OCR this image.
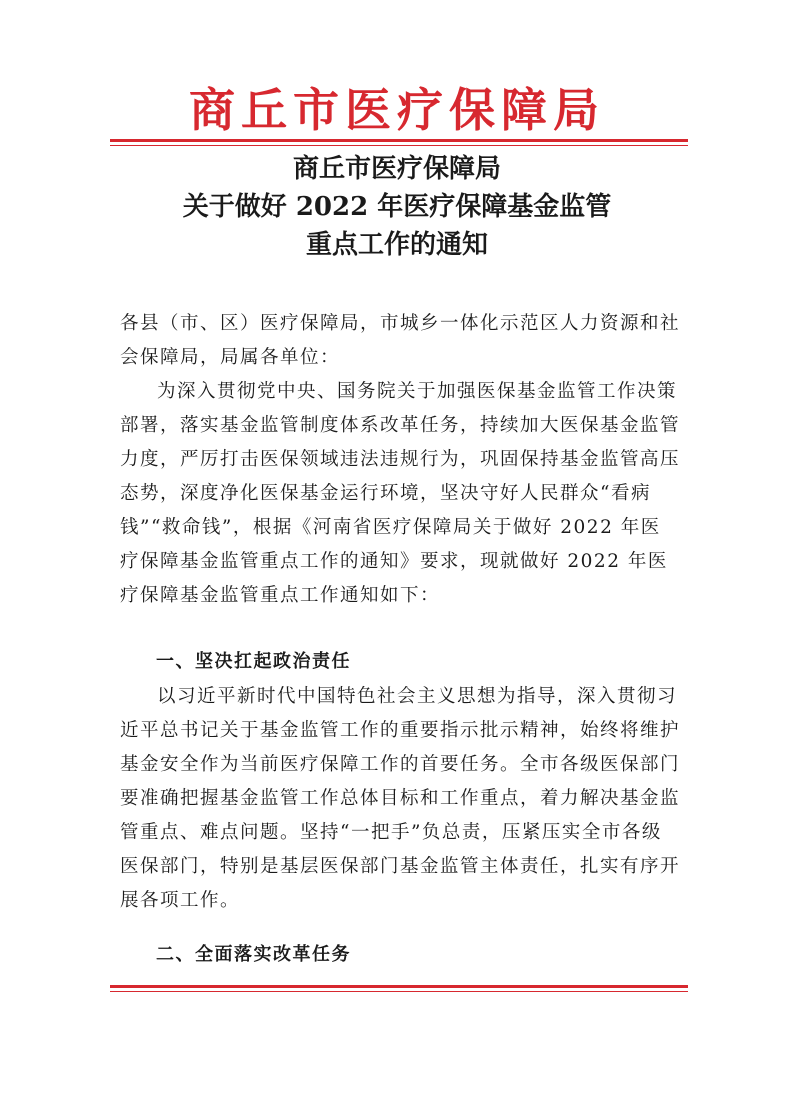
商丘市医疗保障局
商丘市医疗保障局
关于做好 2022 年医疗保障基金监管
重点工作的通知
各县（市、区）医疗保障局，市城乡一体化示范区人力资源和社会保障局，局属各单位：
为深入贯彻党中央、国务院关于加强医保基金监管工作决策部署，落实基金监管制度体系改革任务，持续加大医保基金监管力度，严厉打击医保领域违法违规行为，巩固保持基金监管高压态势，深度净化医保基金运行环境，坚决守好人民群众“看病钱”“救命钱”，根据《河南省医疗保障局关于做好 2022 年医疗保障基金监管重点工作的通知》要求，现就做好 2022 年医疗保障基金监管重点工作通知如下：
一、坚决扛起政治责任
以习近平新时代中国特色社会主义思想为指导，深入贯彻习近平总书记关于基金监管工作的重要指示批示精神，始终将维护基金安全作为当前医疗保障工作的首要任务。全市各级医保部门要准确把握基金监管工作总体目标和工作重点，着力解决基金监管重点、难点问题。坚持“一把手”负总责，压紧压实全市各级医保部门，特别是基层医保部门基金监管主体责任，扎实有序开展各项工作。
二、全面落实改革任务
